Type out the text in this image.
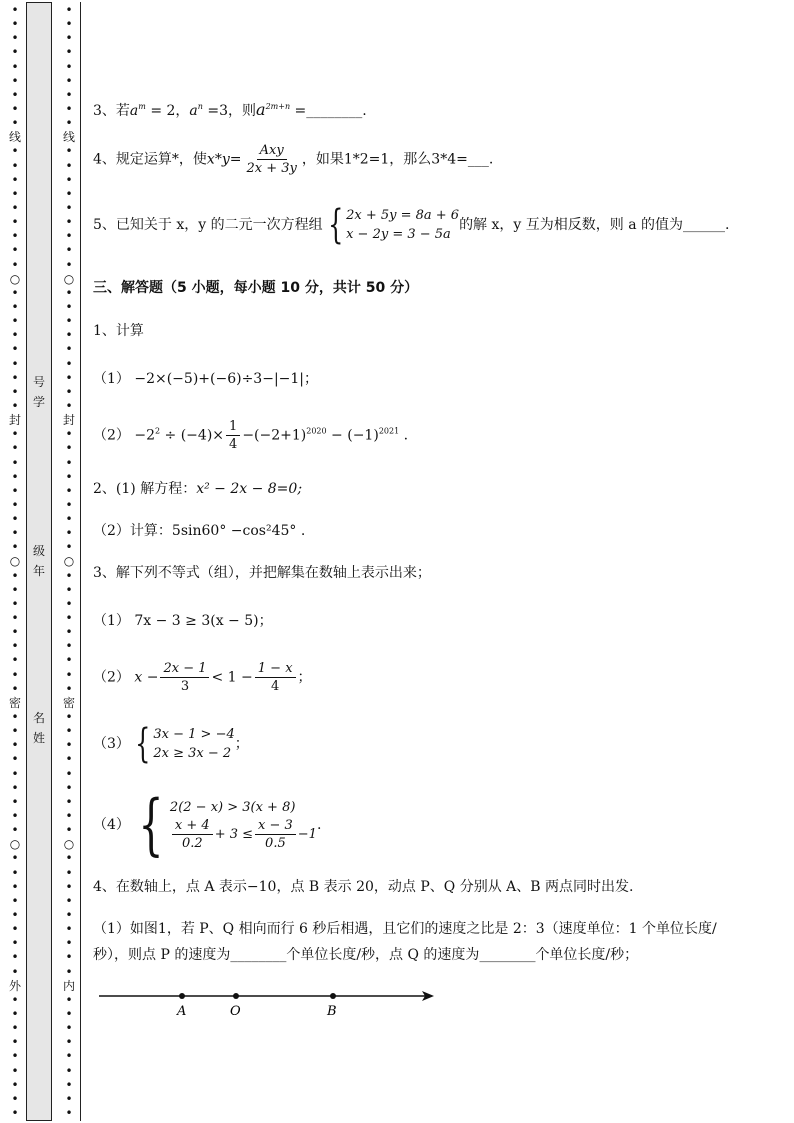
•
•
•
•
•
•
•
•
•
线
•
•
•
•
•
•
•
•
•
○
•
•
•
•
•
•
•
•
•
封
•
•
•
•
•
•
•
•
•
○
•
•
•
•
•
•
•
•
•
密
•
•
•
•
•
•
•
•
•
○
•
•
•
•
•
•
•
•
•
外
•
•
•
•
•
•
•
•
•
•
•
•
•
•
•
•
•
•
线
•
•
•
•
•
•
•
•
•
○
•
•
•
•
•
•
•
•
•
封
•
•
•
•
•
•
•
•
•
○
•
•
•
•
•
•
•
•
•
密
•
•
•
•
•
•
•
•
•
○
•
•
•
•
•
•
•
•
•
内
•
•
•
•
•
•
•
•
•
号
学
级
年
名
姓
3、若$a^m = 2$，$a^n =3$，则$a^{2m+n}$ =________.
4、规定运算*，使$x*y= \frac{\text{Axy}}{2x + 3y}$ ，如果1*2=1，那么3*4=___.
5、已知关于 x，y 的二元一次方程组 { 2x + 5y = 8a + 6
x − 2y = 3 − 5a
的解 x，y 互为相反数，则 a 的值为______.
三、解答题（5 小题，每小题 10 分，共计 50 分）
1、计算
（1） −2×(−5)+(−6)÷3−|−1|；
$(2) -2^2 \div (-4)\times \frac{1}{4} -(-2+1)^{2020} - (-1)^{2021}$ .
2、(1) 解方程：x² − 2x − 8=0;
（2）计算：5sin60° −cos²45° .
3、解下列不等式（组），并把解集在数轴上表示出来；
（1） 7x − 3 ≥ 3(x − 5)；
（2） $x - \frac{2x - 1}{3} < 1 - \frac{1 - x}{4}$ ；
（3） { 3x − 1 > −4
2x ≥ 3x − 2
；
（4） { 2(2 − x) > 3(x + 8)
$\frac{x + 4}{0.2} + 3 \le \frac{x - 3}{0.5} -1$
.
4、在数轴上，点 A 表示−10，点 B 表示 20，动点 P、Q 分别从 A、B 两点同时出发.
（1）如图1，若 P、Q 相向而行 6 秒后相遇，且它们的速度之比是 2：3（速度单位：1 个单位长度/
秒），则点 P 的速度为________个单位长度/秒，点 Q 的速度为________个单位长度/秒；
A	O	B
